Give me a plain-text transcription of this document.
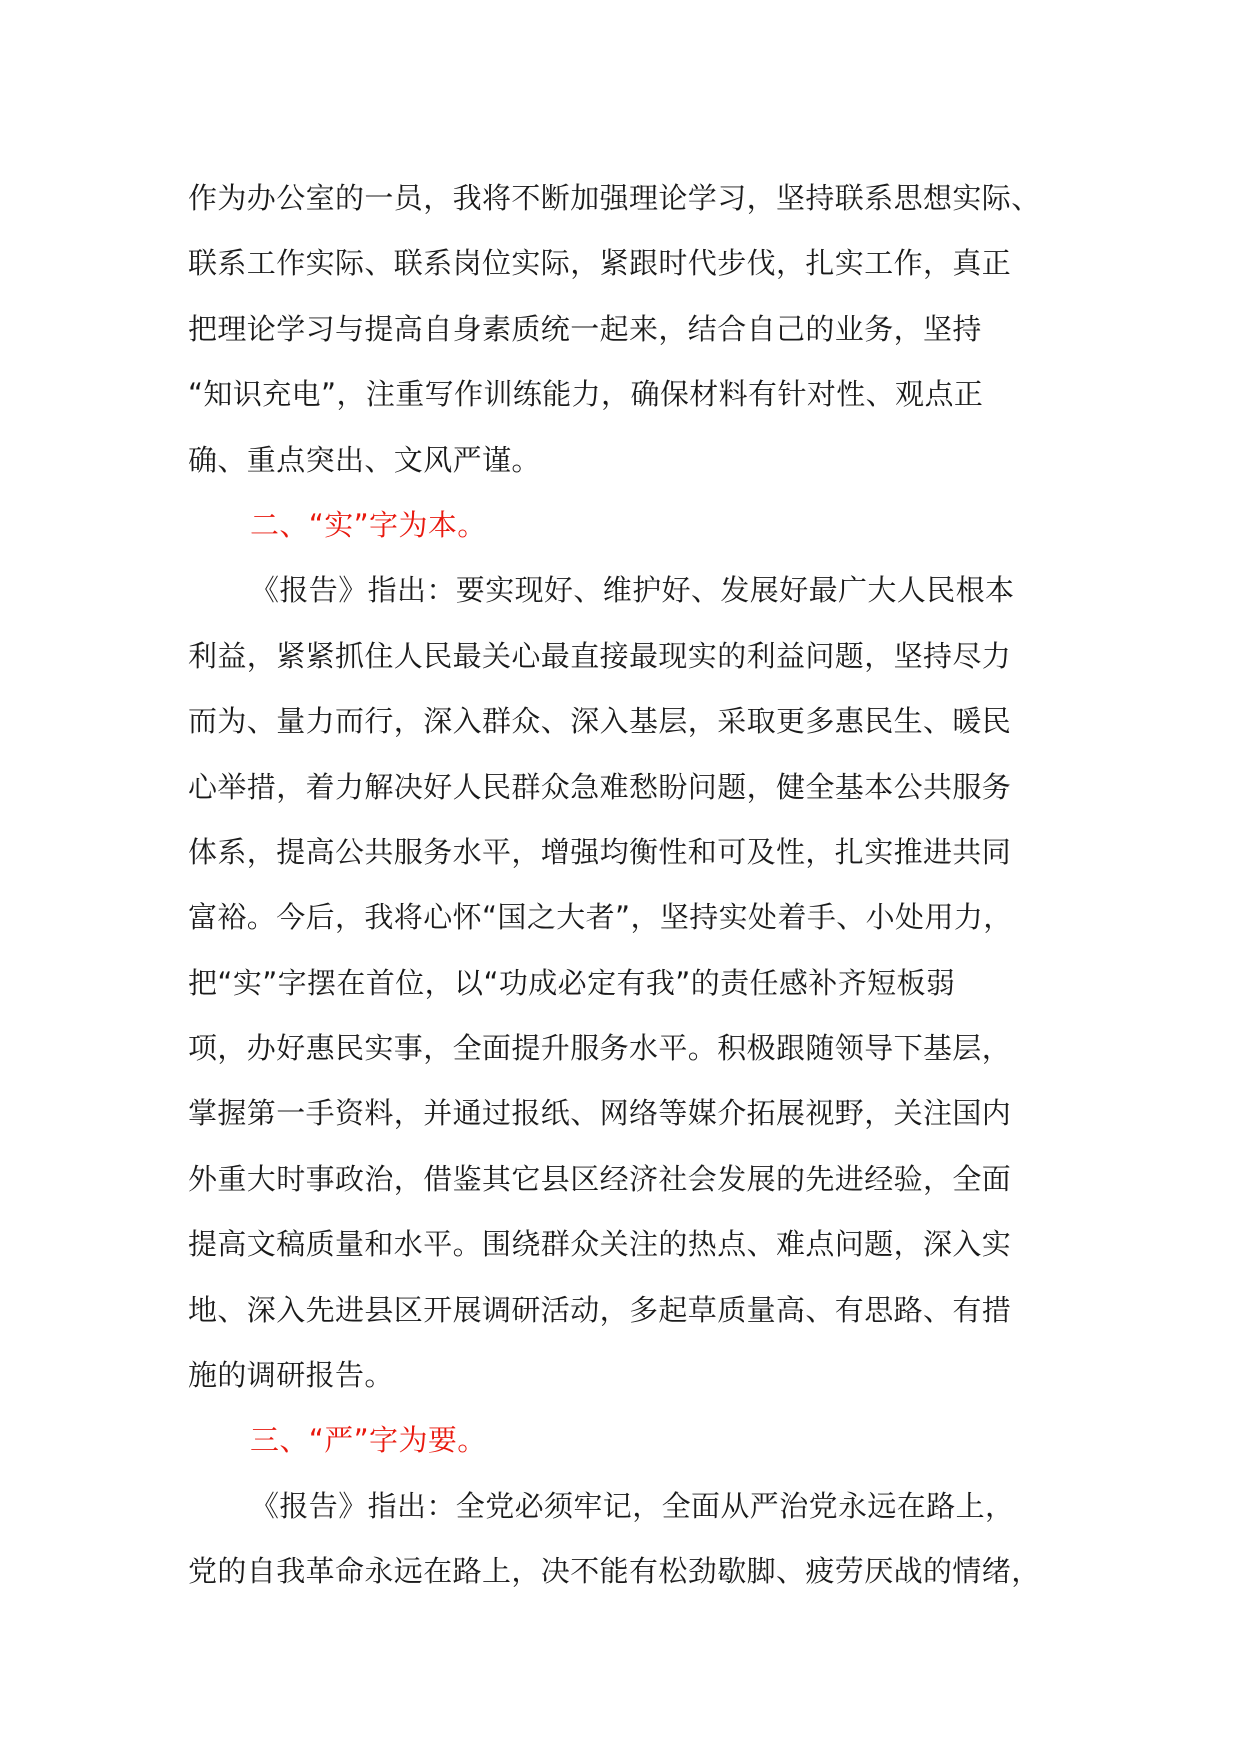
作为办公室的一员，我将不断加强理论学习，坚持联系思想实际、
联系工作实际、联系岗位实际，紧跟时代步伐，扎实工作，真正
把理论学习与提高自身素质统一起来，结合自己的业务，坚持
“知识充电”，注重写作训练能力，确保材料有针对性、观点正
确、重点突出、文风严谨。
二、“实”字为本。
《报告》指出：要实现好、维护好、发展好最广大人民根本
利益，紧紧抓住人民最关心最直接最现实的利益问题，坚持尽力
而为、量力而行，深入群众、深入基层，采取更多惠民生、暖民
心举措，着力解决好人民群众急难愁盼问题，健全基本公共服务
体系，提高公共服务水平，增强均衡性和可及性，扎实推进共同
富裕。今后，我将心怀“国之大者”，坚持实处着手、小处用力，
把“实”字摆在首位，以“功成必定有我”的责任感补齐短板弱
项，办好惠民实事，全面提升服务水平。积极跟随领导下基层，
掌握第一手资料，并通过报纸、网络等媒介拓展视野，关注国内
外重大时事政治，借鉴其它县区经济社会发展的先进经验，全面
提高文稿质量和水平。围绕群众关注的热点、难点问题，深入实
地、深入先进县区开展调研活动，多起草质量高、有思路、有措
施的调研报告。
三、“严”字为要。
《报告》指出：全党必须牢记，全面从严治党永远在路上，
党的自我革命永远在路上，决不能有松劲歇脚、疲劳厌战的情绪，
